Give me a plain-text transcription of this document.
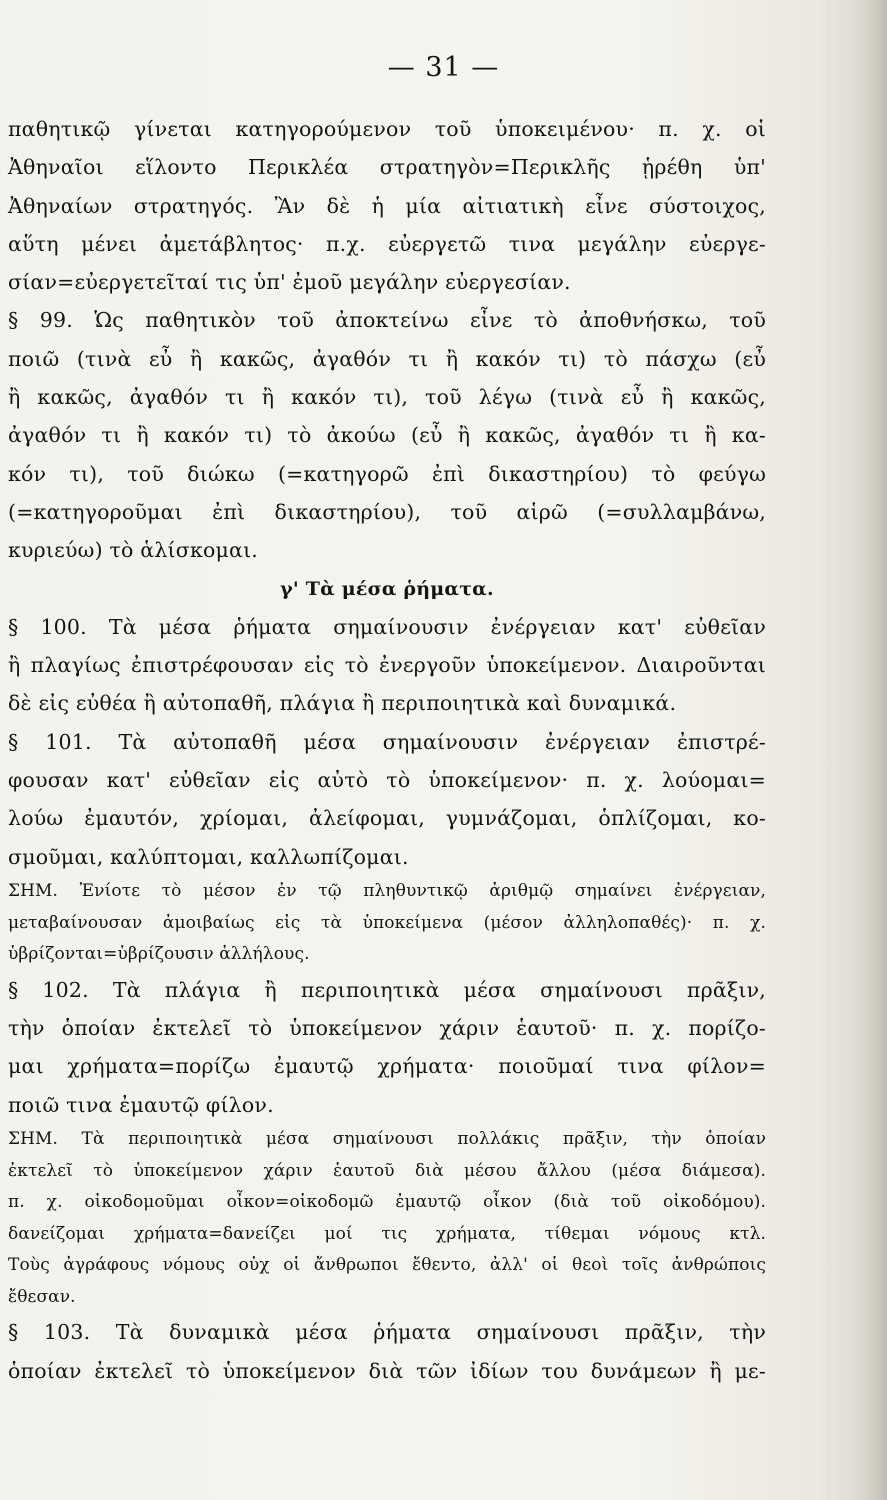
— 31 —
παθητικῷ γίνεται κατηγορούμενον τοῦ ὑποκειμένου· π. χ. οἱ
Ἀθηναῖοι εἵλοντο Περικλέα στρατηγὸν=Περικλῆς ᾑρέθη ὑπ'
Ἀθηναίων στρατηγός. Ἂν δὲ ἡ μία αἰτιατικὴ εἶνε σύστοιχος,
αὕτη μένει ἀμετάβλητος· π.χ. εὐεργετῶ τινα μεγάλην εὐεργε-
σίαν=εὐεργετεῖταί τις ὑπ' ἐμοῦ μεγάλην εὐεργεσίαν.
§ 99. Ὡς παθητικὸν τοῦ ἀποκτείνω εἶνε τὸ ἀποθνήσκω, τοῦ
ποιῶ (τινὰ εὖ ἢ κακῶς, ἀγαθόν τι ἢ κακόν τι) τὸ πάσχω (εὖ
ἢ κακῶς, ἀγαθόν τι ἢ κακόν τι), τοῦ λέγω (τινὰ εὖ ἢ κακῶς,
ἀγαθόν τι ἢ κακόν τι) τὸ ἀκούω (εὖ ἢ κακῶς, ἀγαθόν τι ἢ κα-
κόν τι), τοῦ διώκω (=κατηγορῶ ἐπὶ δικαστηρίου) τὸ φεύγω
(=κατηγοροῦμαι ἐπὶ δικαστηρίου), τοῦ αἱρῶ (=συλλαμβάνω,
κυριεύω) τὸ ἁλίσκομαι.
γ' Τὰ μέσα ῥήματα.
§ 100. Τὰ μέσα ῥήματα σημαίνουσιν ἐνέργειαν κατ' εὐθεῖαν
ἢ πλαγίως ἐπιστρέφουσαν εἰς τὸ ἐνεργοῦν ὑποκείμενον. Διαιροῦνται
δὲ εἰς εὐθέα ἢ αὐτοπαθῆ, πλάγια ἢ περιποιητικὰ καὶ δυναμικά.
§ 101. Τὰ αὐτοπαθῆ μέσα σημαίνουσιν ἐνέργειαν ἐπιστρέ-
φουσαν κατ' εὐθεῖαν εἰς αὐτὸ τὸ ὑποκείμενον· π. χ. λούομαι=
λούω ἐμαυτόν, χρίομαι, ἀλείφομαι, γυμνάζομαι, ὁπλίζομαι, κο-
σμοῦμαι, καλύπτομαι, καλλωπίζομαι.
ΣΗΜ. Ἐνίοτε τὸ μέσον ἐν τῷ πληθυντικῷ ἀριθμῷ σημαίνει ἐνέργειαν,
μεταβαίνουσαν ἀμοιβαίως εἰς τὰ ὑποκείμενα (μέσον ἀλληλοπαθές)· π. χ.
ὑβρίζονται=ὑβρίζουσιν ἀλλήλους.
§ 102. Τὰ πλάγια ἢ περιποιητικὰ μέσα σημαίνουσι πρᾶξιν,
τὴν ὁποίαν ἐκτελεῖ τὸ ὑποκείμενον χάριν ἑαυτοῦ· π. χ. πορίζο-
μαι χρήματα=πορίζω ἐμαυτῷ χρήματα· ποιοῦμαί τινα φίλον=
ποιῶ τινα ἐμαυτῷ φίλον.
ΣΗΜ. Τὰ περιποιητικὰ μέσα σημαίνουσι πολλάκις πρᾶξιν, τὴν ὁποίαν
ἐκτελεῖ τὸ ὑποκείμενον χάριν ἑαυτοῦ διὰ μέσου ἄλλου (μέσα διάμεσα).
π. χ. οἰκοδομοῦμαι οἶκον=οἰκοδομῶ ἐμαυτῷ οἶκον (διὰ τοῦ οἰκοδόμου).
δανείζομαι χρήματα=δανείζει μοί τις χρήματα, τίθεμαι νόμους κτλ.
Τοὺς ἀγράφους νόμους οὐχ οἱ ἄνθρωποι ἔθεντο, ἀλλ' οἱ θεοὶ τοῖς ἀνθρώποις
ἔθεσαν.
§ 103. Τὰ δυναμικὰ μέσα ῥήματα σημαίνουσι πρᾶξιν, τὴν
ὁποίαν ἐκτελεῖ τὸ ὑποκείμενον διὰ τῶν ἰδίων του δυνάμεων ἢ με-
